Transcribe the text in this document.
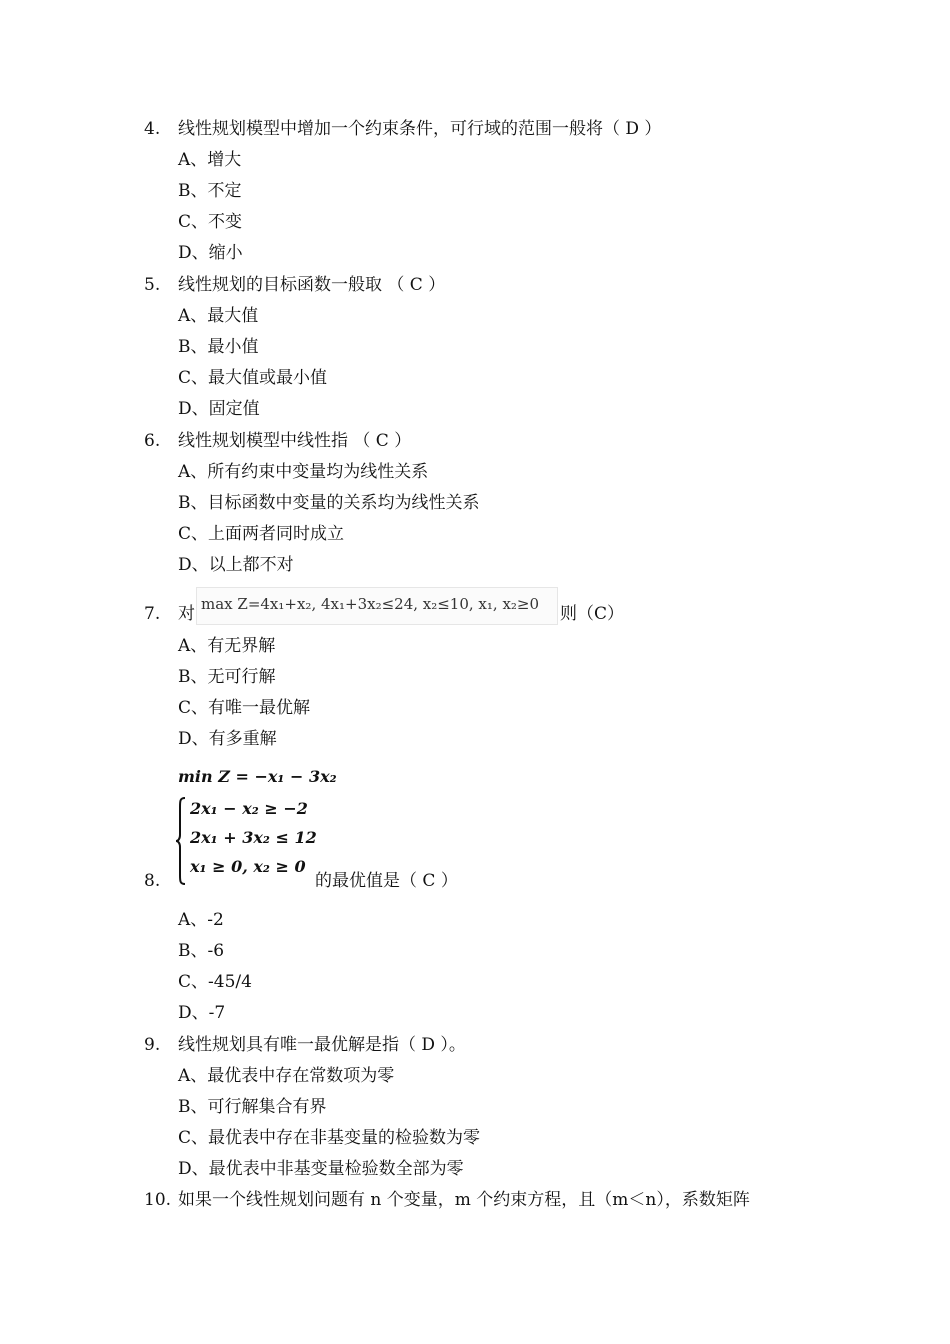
4. 线性规划模型中增加一个约束条件，可行域的范围一般将（ D ）
A、增大
B、不定
C、不变
D、缩小
5. 线性规划的目标函数一般取 （ C ）
A、最大值
B、最小值
C、最大值或最小值
D、固定值
6. 线性规划模型中线性指 （ C ）
A、所有约束中变量均为线性关系
B、目标函数中变量的关系均为线性关系
C、上面两者同时成立
D、以上都不对
7. 对 max Z=4x₁+x₂, 4x₁+3x₂≤24, x₂≤10, x₁, x₂≥0 则（C）
A、有无界解
B、无可行解
C、有唯一最优解
D、有多重解
min Z = −x₁ − 3x₂
2x₁ − x₂ ≥ −2
2x₁ + 3x₂ ≤ 12
x₁ ≥ 0, x₂ ≥ 0
8.	的最优值是（ C ）
A、-2
B、-6
C、-45/4
D、-7
9. 线性规划具有唯一最优解是指（ D ）。
A、最优表中存在常数项为零
B、可行解集合有界
C、最优表中存在非基变量的检验数为零
D、最优表中非基变量检验数全部为零
10. 如果一个线性规划问题有 n 个变量，m 个约束方程，且（m＜n），系数矩阵
